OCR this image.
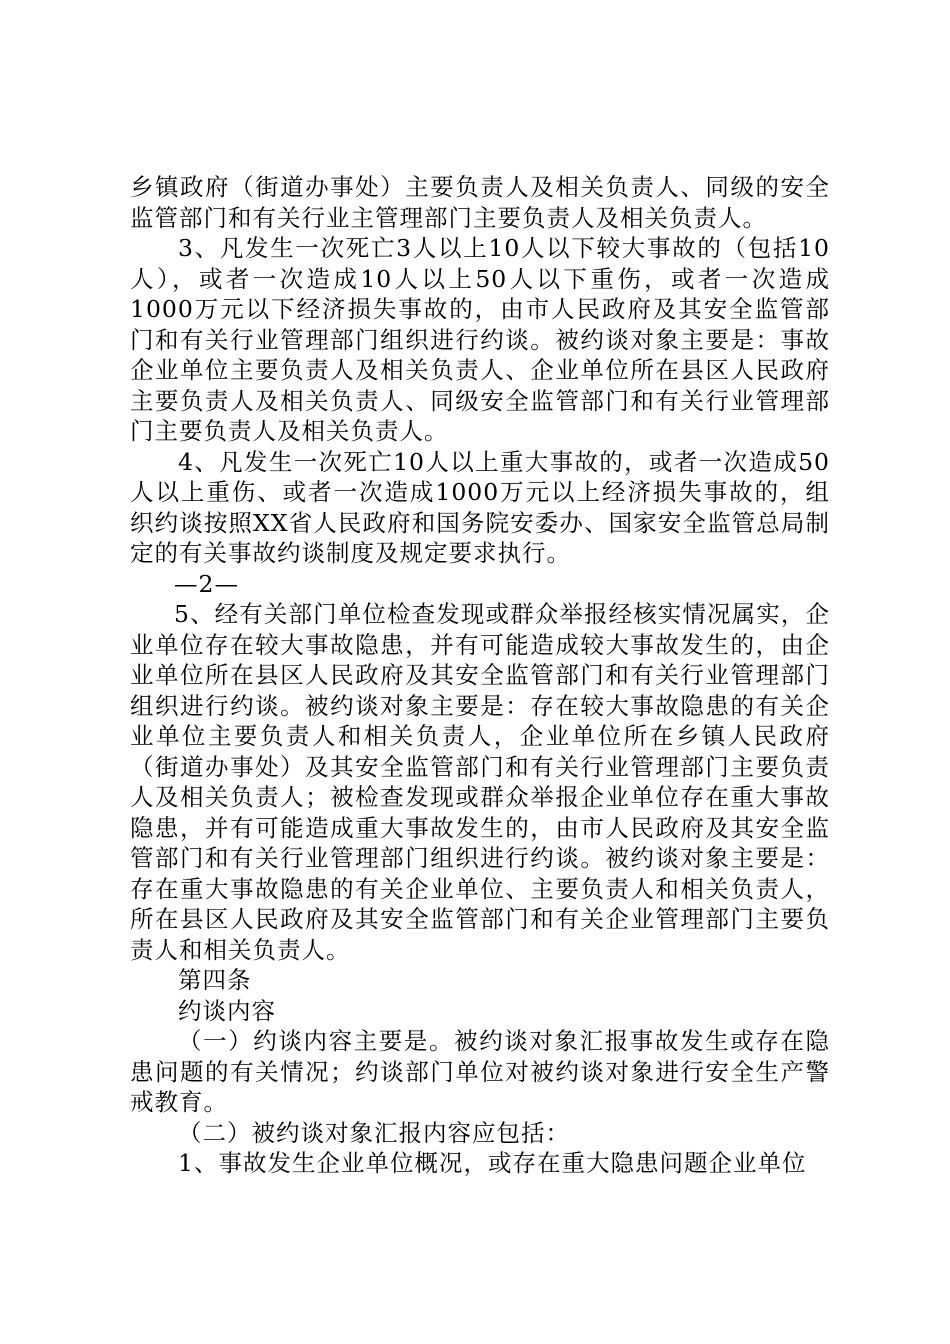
乡镇政府（街道办事处）主要负责人及相关负责人、同级的安全监管部门和有关行业主管理部门主要负责人及相关负责人。

3、凡发生一次死亡3人以上10人以下较大事故的（包括10人），或者一次造成10人以上50人以下重伤，或者一次造成1000万元以下经济损失事故的，由市人民政府及其安全监管部门和有关行业管理部门组织进行约谈。被约谈对象主要是：事故企业单位主要负责人及相关负责人、企业单位所在县区人民政府主要负责人及相关负责人、同级安全监管部门和有关行业管理部门主要负责人及相关负责人。

4、凡发生一次死亡10人以上重大事故的，或者一次造成50人以上重伤、或者一次造成1000万元以上经济损失事故的，组织约谈按照XX省人民政府和国务院安委办、国家安全监管总局制定的有关事故约谈制度及规定要求执行。

—2—

5、经有关部门单位检查发现或群众举报经核实情况属实，企业单位存在较大事故隐患，并有可能造成较大事故发生的，由企业单位所在县区人民政府及其安全监管部门和有关行业管理部门组织进行约谈。被约谈对象主要是：存在较大事故隐患的有关企业单位主要负责人和相关负责人，企业单位所在乡镇人民政府（街道办事处）及其安全监管部门和有关行业管理部门主要负责人及相关负责人；被检查发现或群众举报企业单位存在重大事故隐患，并有可能造成重大事故发生的，由市人民政府及其安全监管部门和有关行业管理部门组织进行约谈。被约谈对象主要是：存在重大事故隐患的有关企业单位、主要负责人和相关负责人，所在县区人民政府及其安全监管部门和有关企业管理部门主要负责人和相关负责人。

第四条

约谈内容

（一）约谈内容主要是。被约谈对象汇报事故发生或存在隐患问题的有关情况；约谈部门单位对被约谈对象进行安全生产警戒教育。

（二）被约谈对象汇报内容应包括：

1、事故发生企业单位概况，或存在重大隐患问题企业单位
